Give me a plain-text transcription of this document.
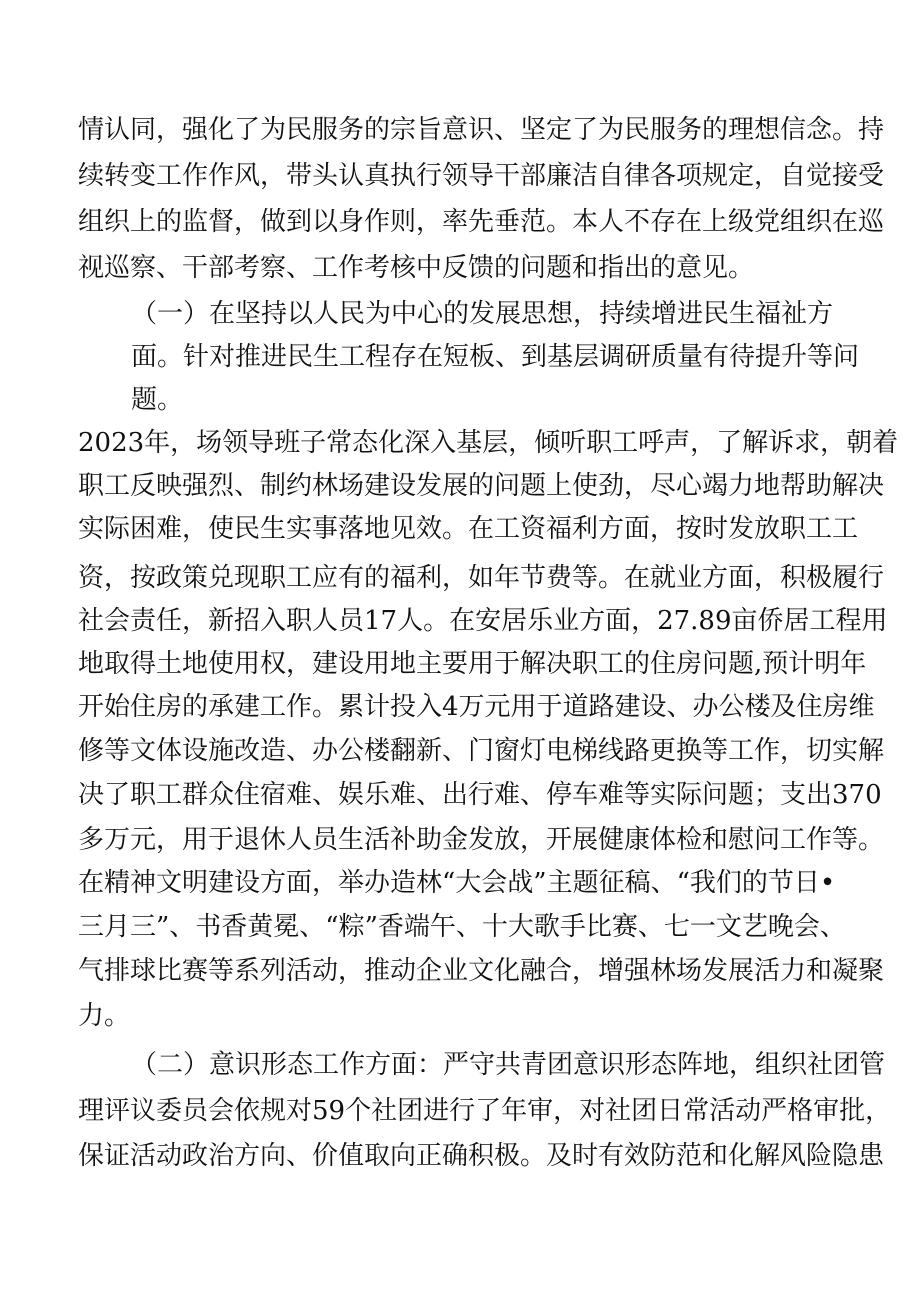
情认同，强化了为民服务的宗旨意识、坚定了为民服务的理想信念。持

续转变工作作风，带头认真执行领导干部廉洁自律各项规定，自觉接受

组织上的监督，做到以身作则，率先垂范。本人不存在上级党组织在巡

视巡察、干部考察、工作考核中反馈的问题和指出的意见。

（一）在坚持以人民为中心的发展思想，持续增进民生福祉方

面。针对推进民生工程存在短板、到基层调研质量有待提升等问

题。

2023年，场领导班子常态化深入基层，倾听职工呼声，了解诉求，朝着

职工反映强烈、制约林场建设发展的问题上使劲，尽心竭力地帮助解决

实际困难，使民生实事落地见效。在工资福利方面，按时发放职工工

资，按政策兑现职工应有的福利，如年节费等。在就业方面，积极履行

社会责任，新招入职人员17人。在安居乐业方面，27.89亩侨居工程用

地取得土地使用权，建设用地主要用于解决职工的住房问题,预计明年

开始住房的承建工作。累计投入4万元用于道路建设、办公楼及住房维

修等文体设施改造、办公楼翻新、门窗灯电梯线路更换等工作，切实解

决了职工群众住宿难、娱乐难、出行难、停车难等实际问题；支出370

多万元，用于退休人员生活补助金发放，开展健康体检和慰问工作等。

在精神文明建设方面，举办造林“大会战”主题征稿、“我们的节日•

三月三”、书香黄冕、“粽”香端午、十大歌手比赛、七一文艺晚会、

气排球比赛等系列活动，推动企业文化融合，增强林场发展活力和凝聚

力。

（二）意识形态工作方面：严守共青团意识形态阵地，组织社团管

理评议委员会依规对59个社团进行了年审，对社团日常活动严格审批，

保证活动政治方向、价值取向正确积极。及时有效防范和化解风险隐患
